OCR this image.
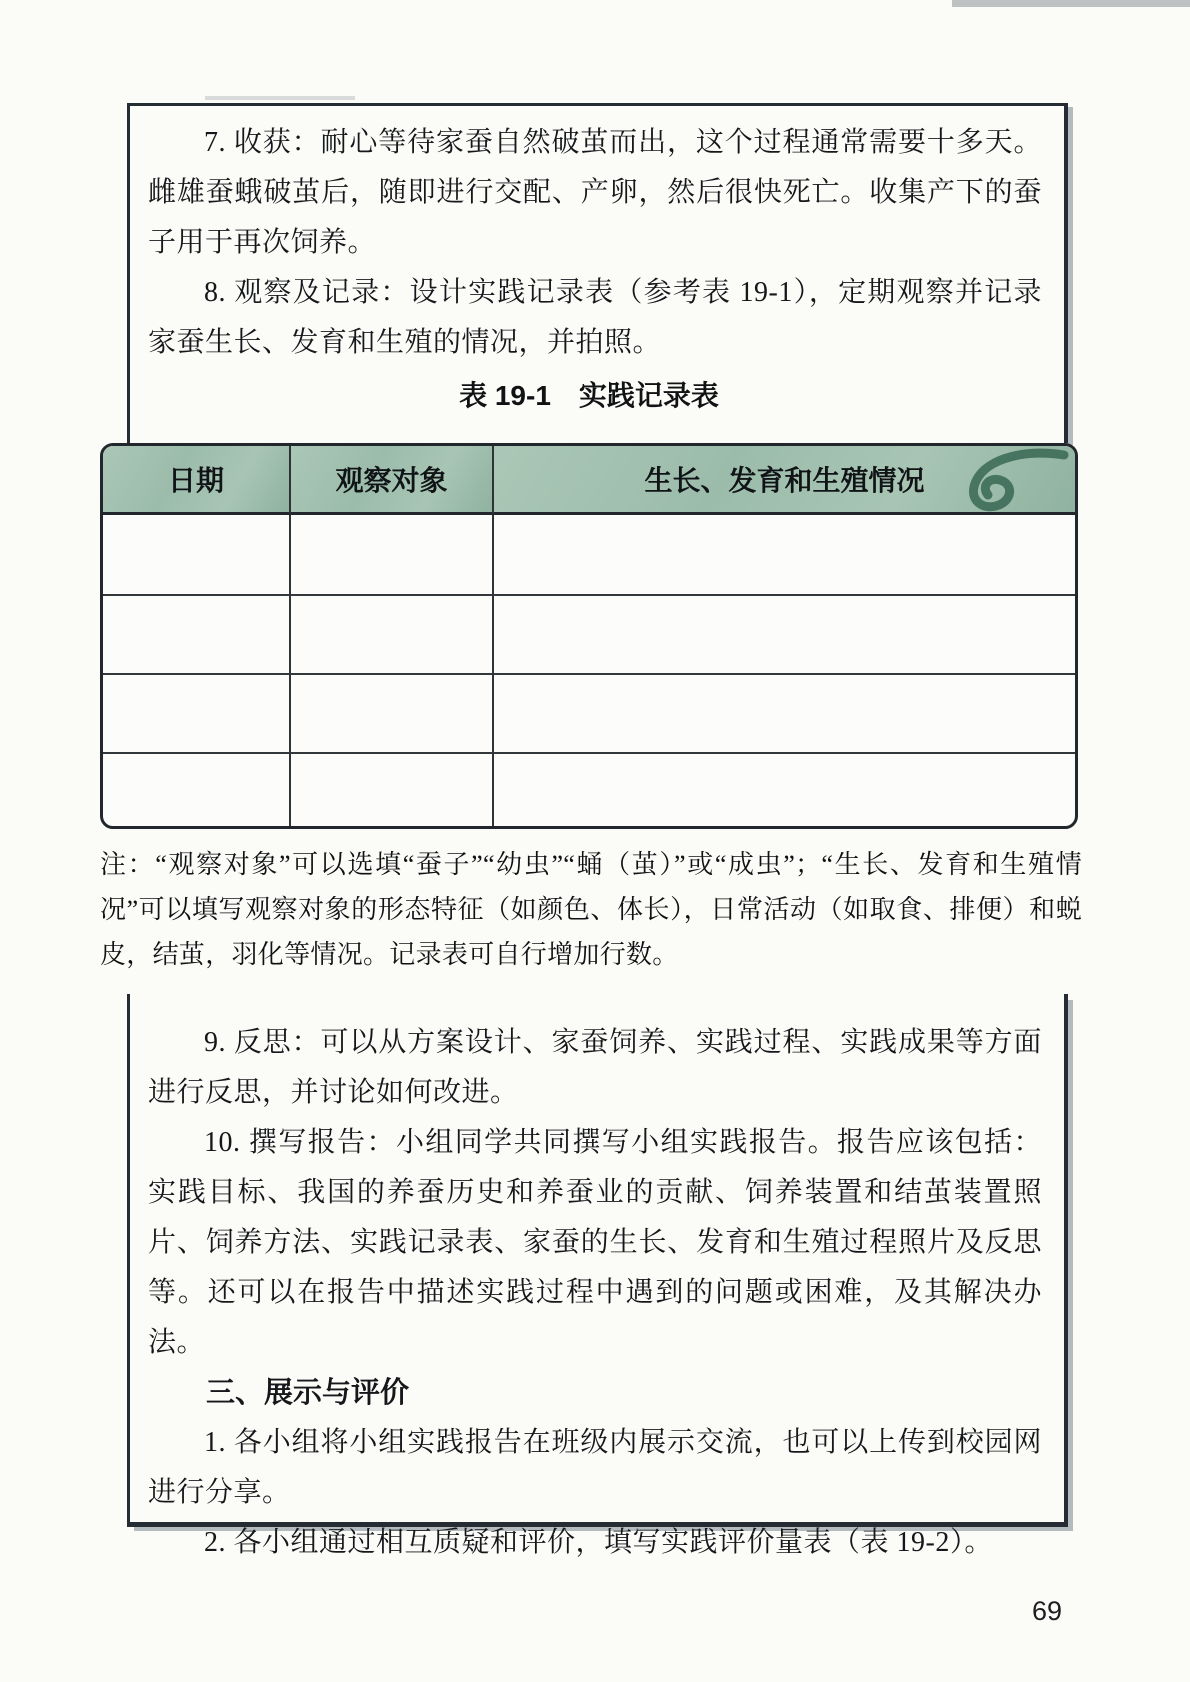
7. 收获：耐心等待家蚕自然破茧而出，这个过程通常需要十多天。雌雄蚕蛾破茧后，随即进行交配、产卵，然后很快死亡。收集产下的蚕子用于再次饲养。

8. 观察及记录：设计实践记录表（参考表 19-1），定期观察并记录家蚕生长、发育和生殖的情况，并拍照。

表 19-1　实践记录表
日期	观察对象	生长、发育和生殖情况

注：“观察对象”可以选填“蚕子”“幼虫”“蛹（茧）”或“成虫”；“生长、发育和生殖情况”可以填写观察对象的形态特征（如颜色、体长），日常活动（如取食、排便）和蜕皮，结茧，羽化等情况。记录表可自行增加行数。

9. 反思：可以从方案设计、家蚕饲养、实践过程、实践成果等方面进行反思，并讨论如何改进。

10. 撰写报告：小组同学共同撰写小组实践报告。报告应该包括：实践目标、我国的养蚕历史和养蚕业的贡献、饲养装置和结茧装置照片、饲养方法、实践记录表、家蚕的生长、发育和生殖过程照片及反思等。还可以在报告中描述实践过程中遇到的问题或困难，及其解决办法。

三、展示与评价

1. 各小组将小组实践报告在班级内展示交流，也可以上传到校园网进行分享。

2. 各小组通过相互质疑和评价，填写实践评价量表（表 19-2）。

69
